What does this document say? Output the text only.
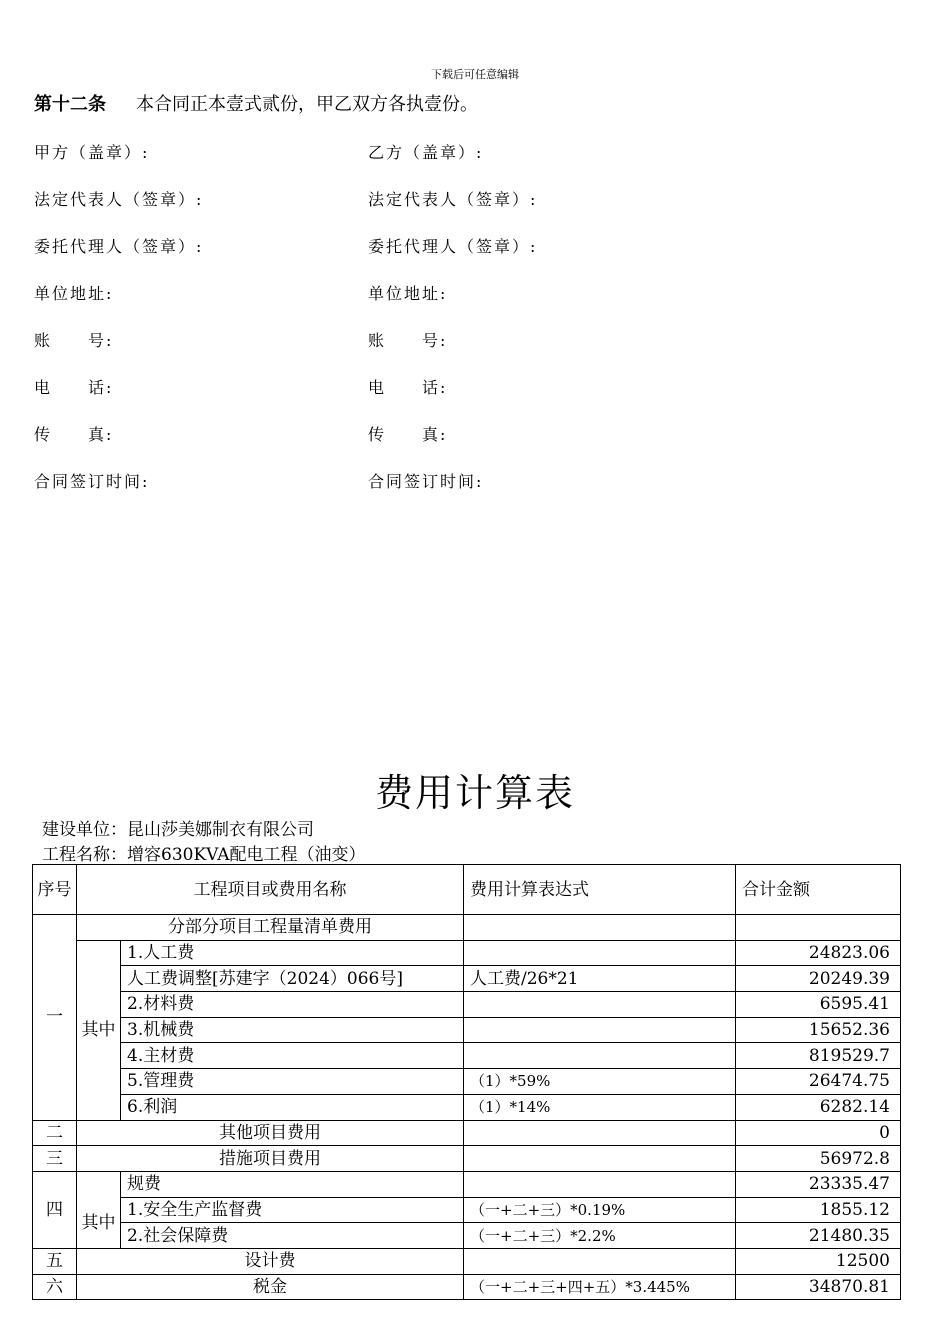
下载后可任意编辑
第十二条 本合同正本壹式贰份，甲乙双方各执壹份。
甲方（盖章）:	乙方（盖章）:
法定代表人（签章）:	法定代表人（签章）:
委托代理人（签章）:	委托代理人（签章）:
单位地址:	单位地址:
账　　号:	账　　号:
电　　话:	电　　话:
传　　真:	传　　真:
合同签订时间:	合同签订时间:
费用计算表
建设单位：昆山莎美娜制衣有限公司
工程名称：增容630KVA配电工程（油变）
序号	工程项目或费用名称		费用计算表达式	合计金额
一	分部分项目工程量清单费用			
	其中	1.人工费		24823.06
		人工费调整[苏建字（2024）066号]	人工费/26*21	20249.39
		2.材料费		6595.41
		3.机械费		15652.36
		4.主材费		819529.7
		5.管理费	（1）*59%	26474.75
		6.利润	（1）*14%	6282.14
二	其他项目费用			0
三	措施项目费用			56972.8
四		规费		23335.47
	其中	1.安全生产监督费	（一+二+三）*0.19%	1855.12
		2.社会保障费	（一+二+三）*2.2%	21480.35
五	设计费			12500
六	税金		（一+二+三+四+五）*3.445%	34870.81
